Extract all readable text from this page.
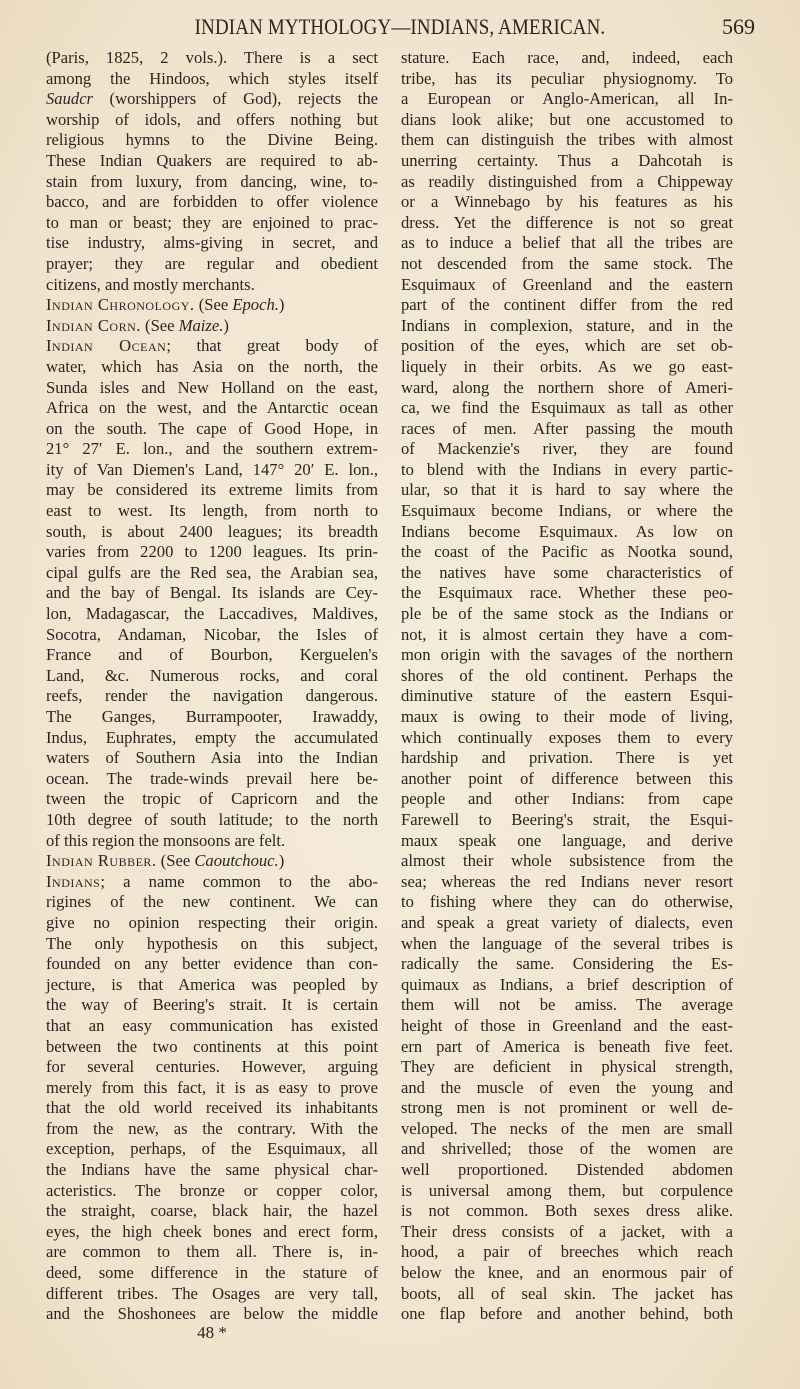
INDIAN MYTHOLOGY—INDIANS, AMERICAN.	569
(Paris, 1825, 2 vols.). There is a sect
among the Hindoos, which styles itself
Saudcr (worshippers of God), rejects the
worship of idols, and offers nothing but
religious hymns to the Divine Being.
These Indian Quakers are required to ab-
stain from luxury, from dancing, wine, to-
bacco, and are forbidden to offer violence
to man or beast; they are enjoined to prac-
tise industry, alms-giving in secret, and
prayer; they are regular and obedient
citizens, and mostly merchants.
Indian Chronology. (See Epoch.)
Indian Corn. (See Maize.)
Indian Ocean; that great body of
water, which has Asia on the north, the
Sunda isles and New Holland on the east,
Africa on the west, and the Antarctic ocean
on the south. The cape of Good Hope, in
21° 27′ E. lon., and the southern extrem-
ity of Van Diemen's Land, 147° 20′ E. lon.,
may be considered its extreme limits from
east to west. Its length, from north to
south, is about 2400 leagues; its breadth
varies from 2200 to 1200 leagues. Its prin-
cipal gulfs are the Red sea, the Arabian sea,
and the bay of Bengal. Its islands are Cey-
lon, Madagascar, the Laccadives, Maldives,
Socotra, Andaman, Nicobar, the Isles of
France and of Bourbon, Kerguelen's
Land, &c. Numerous rocks, and coral
reefs, render the navigation dangerous.
The Ganges, Burrampooter, Irawaddy,
Indus, Euphrates, empty the accumulated
waters of Southern Asia into the Indian
ocean. The trade-winds prevail here be-
tween the tropic of Capricorn and the
10th degree of south latitude; to the north
of this region the monsoons are felt.
Indian Rubber. (See Caoutchouc.)
Indians; a name common to the abo-
rigines of the new continent. We can
give no opinion respecting their origin.
The only hypothesis on this subject,
founded on any better evidence than con-
jecture, is that America was peopled by
the way of Beering's strait. It is certain
that an easy communication has existed
between the two continents at this point
for several centuries. However, arguing
merely from this fact, it is as easy to prove
that the old world received its inhabitants
from the new, as the contrary. With the
exception, perhaps, of the Esquimaux, all
the Indians have the same physical char-
acteristics. The bronze or copper color,
the straight, coarse, black hair, the hazel
eyes, the high cheek bones and erect form,
are common to them all. There is, in-
deed, some difference in the stature of
different tribes. The Osages are very tall,
and the Shoshonees are below the middle
stature. Each race, and, indeed, each
tribe, has its peculiar physiognomy. To
a European or Anglo-American, all In-
dians look alike; but one accustomed to
them can distinguish the tribes with almost
unerring certainty. Thus a Dahcotah is
as readily distinguished from a Chippeway
or a Winnebago by his features as his
dress. Yet the difference is not so great
as to induce a belief that all the tribes are
not descended from the same stock. The
Esquimaux of Greenland and the eastern
part of the continent differ from the red
Indians in complexion, stature, and in the
position of the eyes, which are set ob-
liquely in their orbits. As we go east-
ward, along the northern shore of Ameri-
ca, we find the Esquimaux as tall as other
races of men. After passing the mouth
of Mackenzie's river, they are found
to blend with the Indians in every partic-
ular, so that it is hard to say where the
Esquimaux become Indians, or where the
Indians become Esquimaux. As low on
the coast of the Pacific as Nootka sound,
the natives have some characteristics of
the Esquimaux race. Whether these peo-
ple be of the same stock as the Indians or
not, it is almost certain they have a com-
mon origin with the savages of the northern
shores of the old continent. Perhaps the
diminutive stature of the eastern Esqui-
maux is owing to their mode of living,
which continually exposes them to every
hardship and privation. There is yet
another point of difference between this
people and other Indians: from cape
Farewell to Beering's strait, the Esqui-
maux speak one language, and derive
almost their whole subsistence from the
sea; whereas the red Indians never resort
to fishing where they can do otherwise,
and speak a great variety of dialects, even
when the language of the several tribes is
radically the same. Considering the Es-
quimaux as Indians, a brief description of
them will not be amiss. The average
height of those in Greenland and the east-
ern part of America is beneath five feet.
They are deficient in physical strength,
and the muscle of even the young and
strong men is not prominent or well de-
veloped. The necks of the men are small
and shrivelled; those of the women are
well proportioned. Distended abdomen
is universal among them, but corpulence
is not common. Both sexes dress alike.
Their dress consists of a jacket, with a
hood, a pair of breeches which reach
below the knee, and an enormous pair of
boots, all of seal skin. The jacket has
one flap before and another behind, both
48 *
